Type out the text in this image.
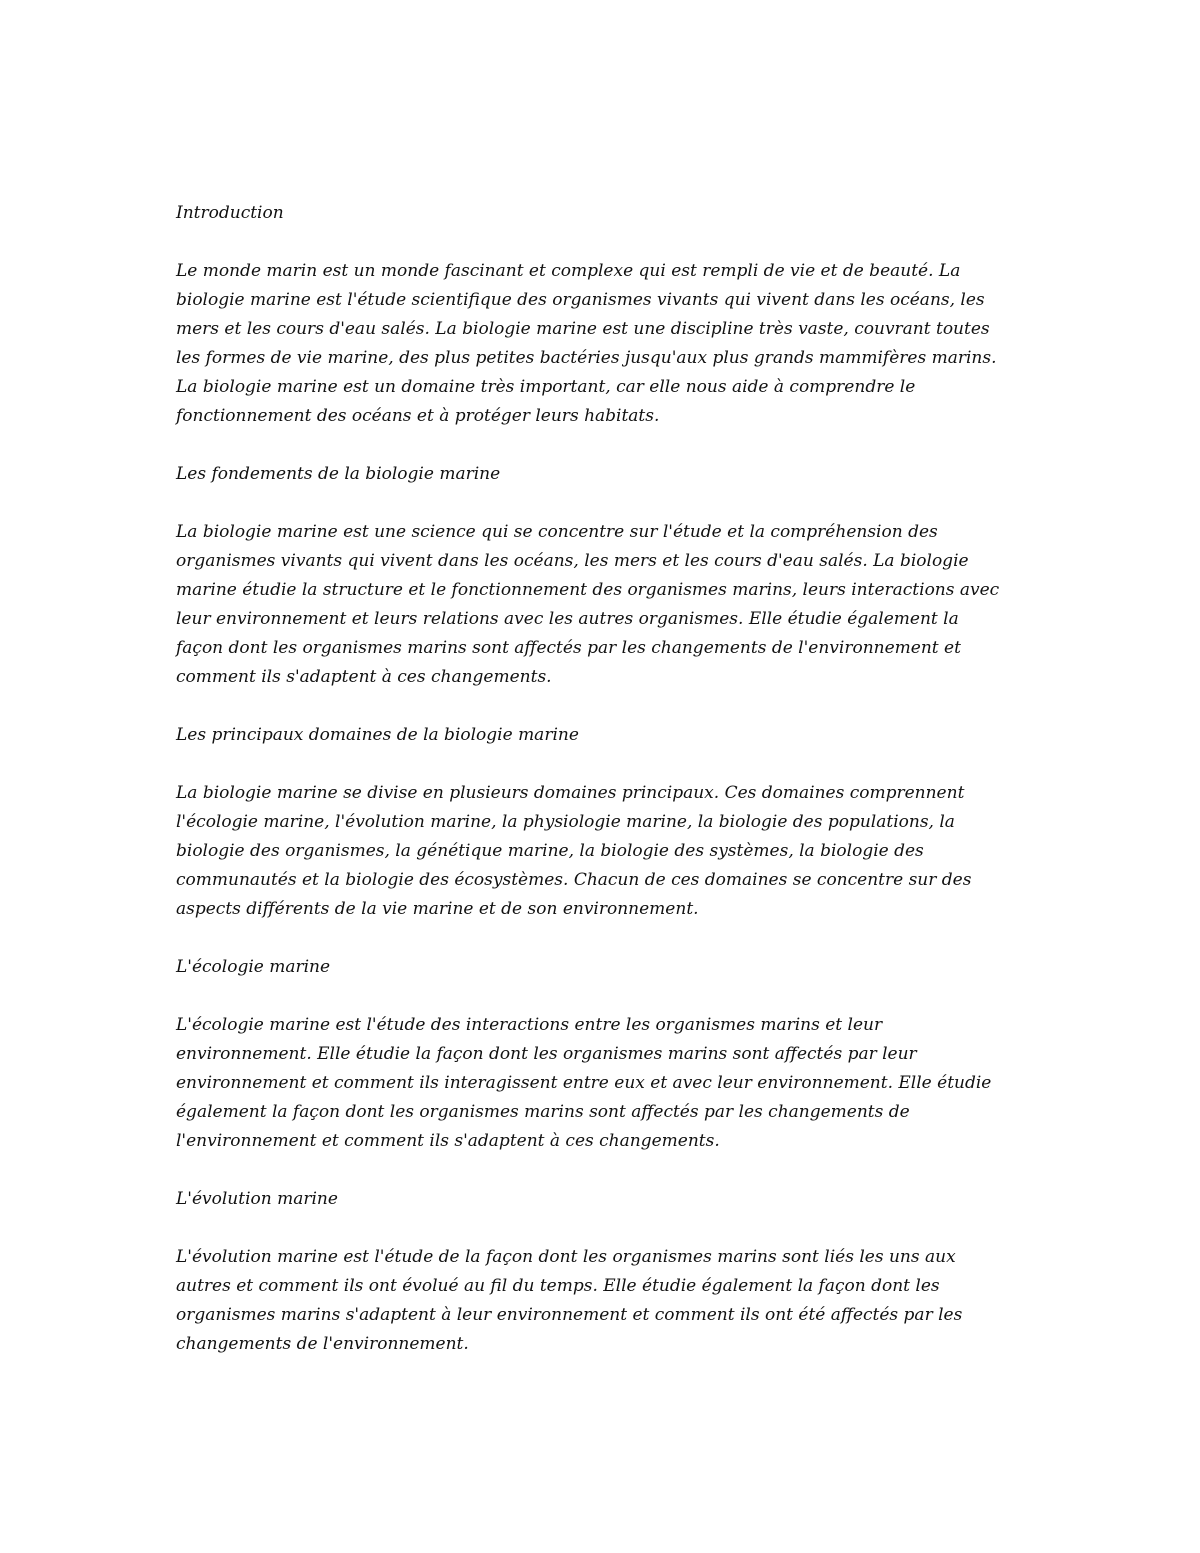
Introduction

Le monde marin est un monde fascinant et complexe qui est rempli de vie et de beauté. La
biologie marine est l'étude scientifique des organismes vivants qui vivent dans les océans, les
mers et les cours d'eau salés. La biologie marine est une discipline très vaste, couvrant toutes
les formes de vie marine, des plus petites bactéries jusqu'aux plus grands mammifères marins.
La biologie marine est un domaine très important, car elle nous aide à comprendre le
fonctionnement des océans et à protéger leurs habitats.

Les fondements de la biologie marine

La biologie marine est une science qui se concentre sur l'étude et la compréhension des
organismes vivants qui vivent dans les océans, les mers et les cours d'eau salés. La biologie
marine étudie la structure et le fonctionnement des organismes marins, leurs interactions avec
leur environnement et leurs relations avec les autres organismes. Elle étudie également la
façon dont les organismes marins sont affectés par les changements de l'environnement et
comment ils s'adaptent à ces changements.

Les principaux domaines de la biologie marine

La biologie marine se divise en plusieurs domaines principaux. Ces domaines comprennent
l'écologie marine, l'évolution marine, la physiologie marine, la biologie des populations, la
biologie des organismes, la génétique marine, la biologie des systèmes, la biologie des
communautés et la biologie des écosystèmes. Chacun de ces domaines se concentre sur des
aspects différents de la vie marine et de son environnement.

L'écologie marine

L'écologie marine est l'étude des interactions entre les organismes marins et leur
environnement. Elle étudie la façon dont les organismes marins sont affectés par leur
environnement et comment ils interagissent entre eux et avec leur environnement. Elle étudie
également la façon dont les organismes marins sont affectés par les changements de
l'environnement et comment ils s'adaptent à ces changements.

L'évolution marine

L'évolution marine est l'étude de la façon dont les organismes marins sont liés les uns aux
autres et comment ils ont évolué au fil du temps. Elle étudie également la façon dont les
organismes marins s'adaptent à leur environnement et comment ils ont été affectés par les
changements de l'environnement.
